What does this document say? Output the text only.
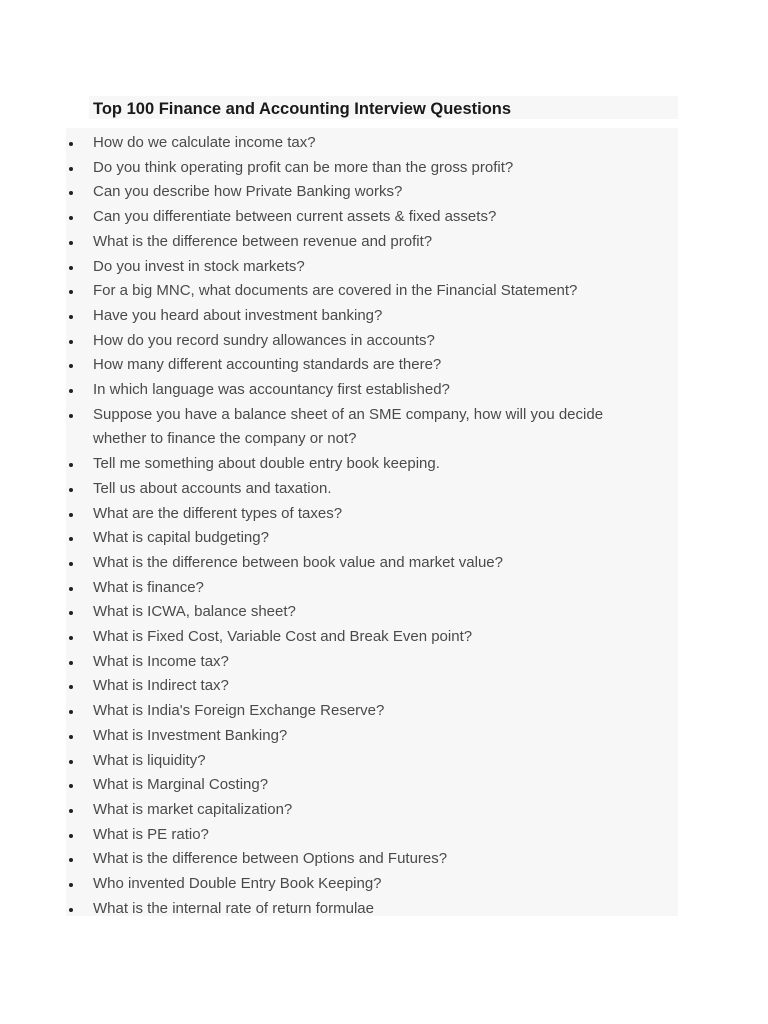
Top 100 Finance and Accounting Interview Questions
How do we calculate income tax?
Do you think operating profit can be more than the gross profit?
Can you describe how Private Banking works?
Can you differentiate between current assets & fixed assets?
What is the difference between revenue and profit?
Do you invest in stock markets?
For a big MNC, what documents are covered in the Financial Statement?
Have you heard about investment banking?
How do you record sundry allowances in accounts?
How many different accounting standards are there?
In which language was accountancy first established?
Suppose you have a balance sheet of an SME company, how will you decide
whether to finance the company or not?
Tell me something about double entry book keeping.
Tell us about accounts and taxation.
What are the different types of taxes?
What is capital budgeting?
What is the difference between book value and market value?
What is finance?
What is ICWA, balance sheet?
What is Fixed Cost, Variable Cost and Break Even point?
What is Income tax?
What is Indirect tax?
What is India's Foreign Exchange Reserve?
What is Investment Banking?
What is liquidity?
What is Marginal Costing?
What is market capitalization?
What is PE ratio?
What is the difference between Options and Futures?
Who invented Double Entry Book Keeping?
What is the internal rate of return formulae
